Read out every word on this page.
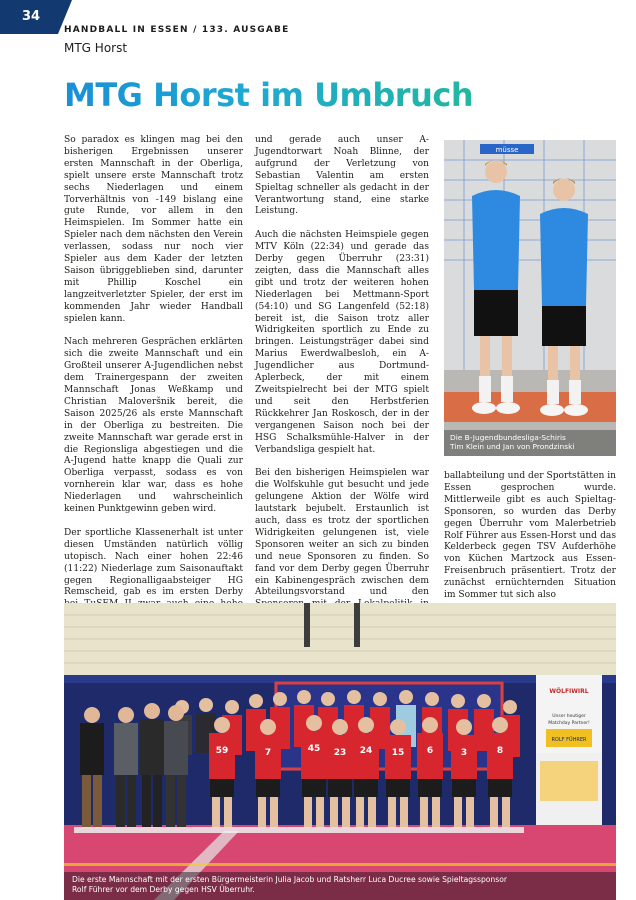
34
HANDBALL IN ESSEN / 133. AUSGABE
MTG Horst
MTG Horst im Umbruch

So paradox es klingen mag bei den bisherigen Ergebnissen unserer ersten Mannschaft in der Oberliga, spielt unsere erste Mannschaft trotz sechs Niederlagen und einem Torverhältnis von -149 bislang eine gute Runde, vor allem in den Heimspielen. Im Sommer hatte ein Spieler nach dem nächsten den Verein verlassen, sodass nur noch vier Spieler aus dem Kader der letzten Saison übriggeblieben sind, darunter mit Phillip Koschel ein langzeitverletzter Spieler, der erst im kommenden Jahr wieder Handball spielen kann.

Nach mehreren Gesprächen erklärten sich die zweite Mannschaft und ein Großteil unserer A-Jugendlichen nebst dem Trainergespann der zweiten Mannschaft Jonas Weßkamp und Christian Maloveršnik bereit, die Saison 2025/26 als erste Mannschaft in der Oberliga zu bestreiten. Die zweite Mannschaft war gerade erst in die Regionsliga abgestiegen und die A-Jugend hatte knapp die Quali zur Oberliga verpasst, sodass es von vornherein klar war, dass es hohe Niederlagen und wahrscheinlich keinen Punktgewinn geben wird.

Der sportliche Klassenerhalt ist unter diesen Umständen natürlich völlig utopisch. Nach einer hohen 22:46 (11:22) Niederlage zum Saisonauftakt gegen Regionalligaabsteiger HG Remscheid, gab es im ersten Derby

und gerade auch unser A-Jugendtorwart Noah Blinne, der aufgrund der Verletzung von Sebastian Valentin am ersten Spieltag schneller als gedacht in der Verantwortung stand, eine starke Leistung.

Auch die nächsten Heimspiele gegen MTV Köln (22:34) und gerade das Derby gegen Überruhr (23:31) zeigten, dass die Mannschaft alles gibt und trotz der weiteren hohen Niederlagen bei Mettmann-Sport (54:10) und SG Langenfeld (52:18) bereit ist, die Saison trotz aller Widrigkeiten sportlich zu Ende zu bringen. Leistungsträger dabei sind Marius Ewerdwalbesloh, ein A-Jugendlicher aus Dortmund-Aplerbeck, der mit einem Zweitspielrecht bei der MTG spielt und seit den Herbstferien Rückkehrer Jan Roskosch, der in der vergangenen Saison noch bei der HSG Schalksmühle-Halver in der Verbandsliga gespielt hat.

Bei den bisherigen Heimspielen war die Wolfskuhle gut besucht und jede gelungene Aktion der Wölfe wird lautstark bejubelt. Erstaunlich ist auch, dass es trotz der sportlichen Widrigkeiten gelungenen ist, viele Sponsoren weiter an sich zu binden und neue Sponsoren zu finden. So fand vor dem Derby gegen Überruhr ein Kabinengespräch zwischen dem Abteilungsvorstand und den

ballabteilung und der Sportstätten in Essen gesprochen wurde. Mittlerweile gibt es auch Spieltag-Sponsoren, so wurden das Derby gegen Überruhr vom Malerbetrieb Rolf Führer aus Essen-Horst und das Kelderbeck gegen TSV Aufderhöhe von Küchen Martzock aus Essen-Freisenbruch präsentiert. Trotz der zunächst ernüchternden Situation im Sommer tut sich also

müsse
Die B-Jugendbundesliga-Schiris
Tim Klein und Jan von Prondzinski
WÖLFIWIRL
Unser heutiger
Matchday Partner!
ROLF FÜHRER
59	7	45 23 24 15	6	3	8
Die erste Mannschaft mit der ersten Bürgermeisterin Julia Jacob und Ratsherr Luca Ducree sowie Spieltagssponsor
Rolf Führer vor dem Derby gegen HSV Überruhr.
